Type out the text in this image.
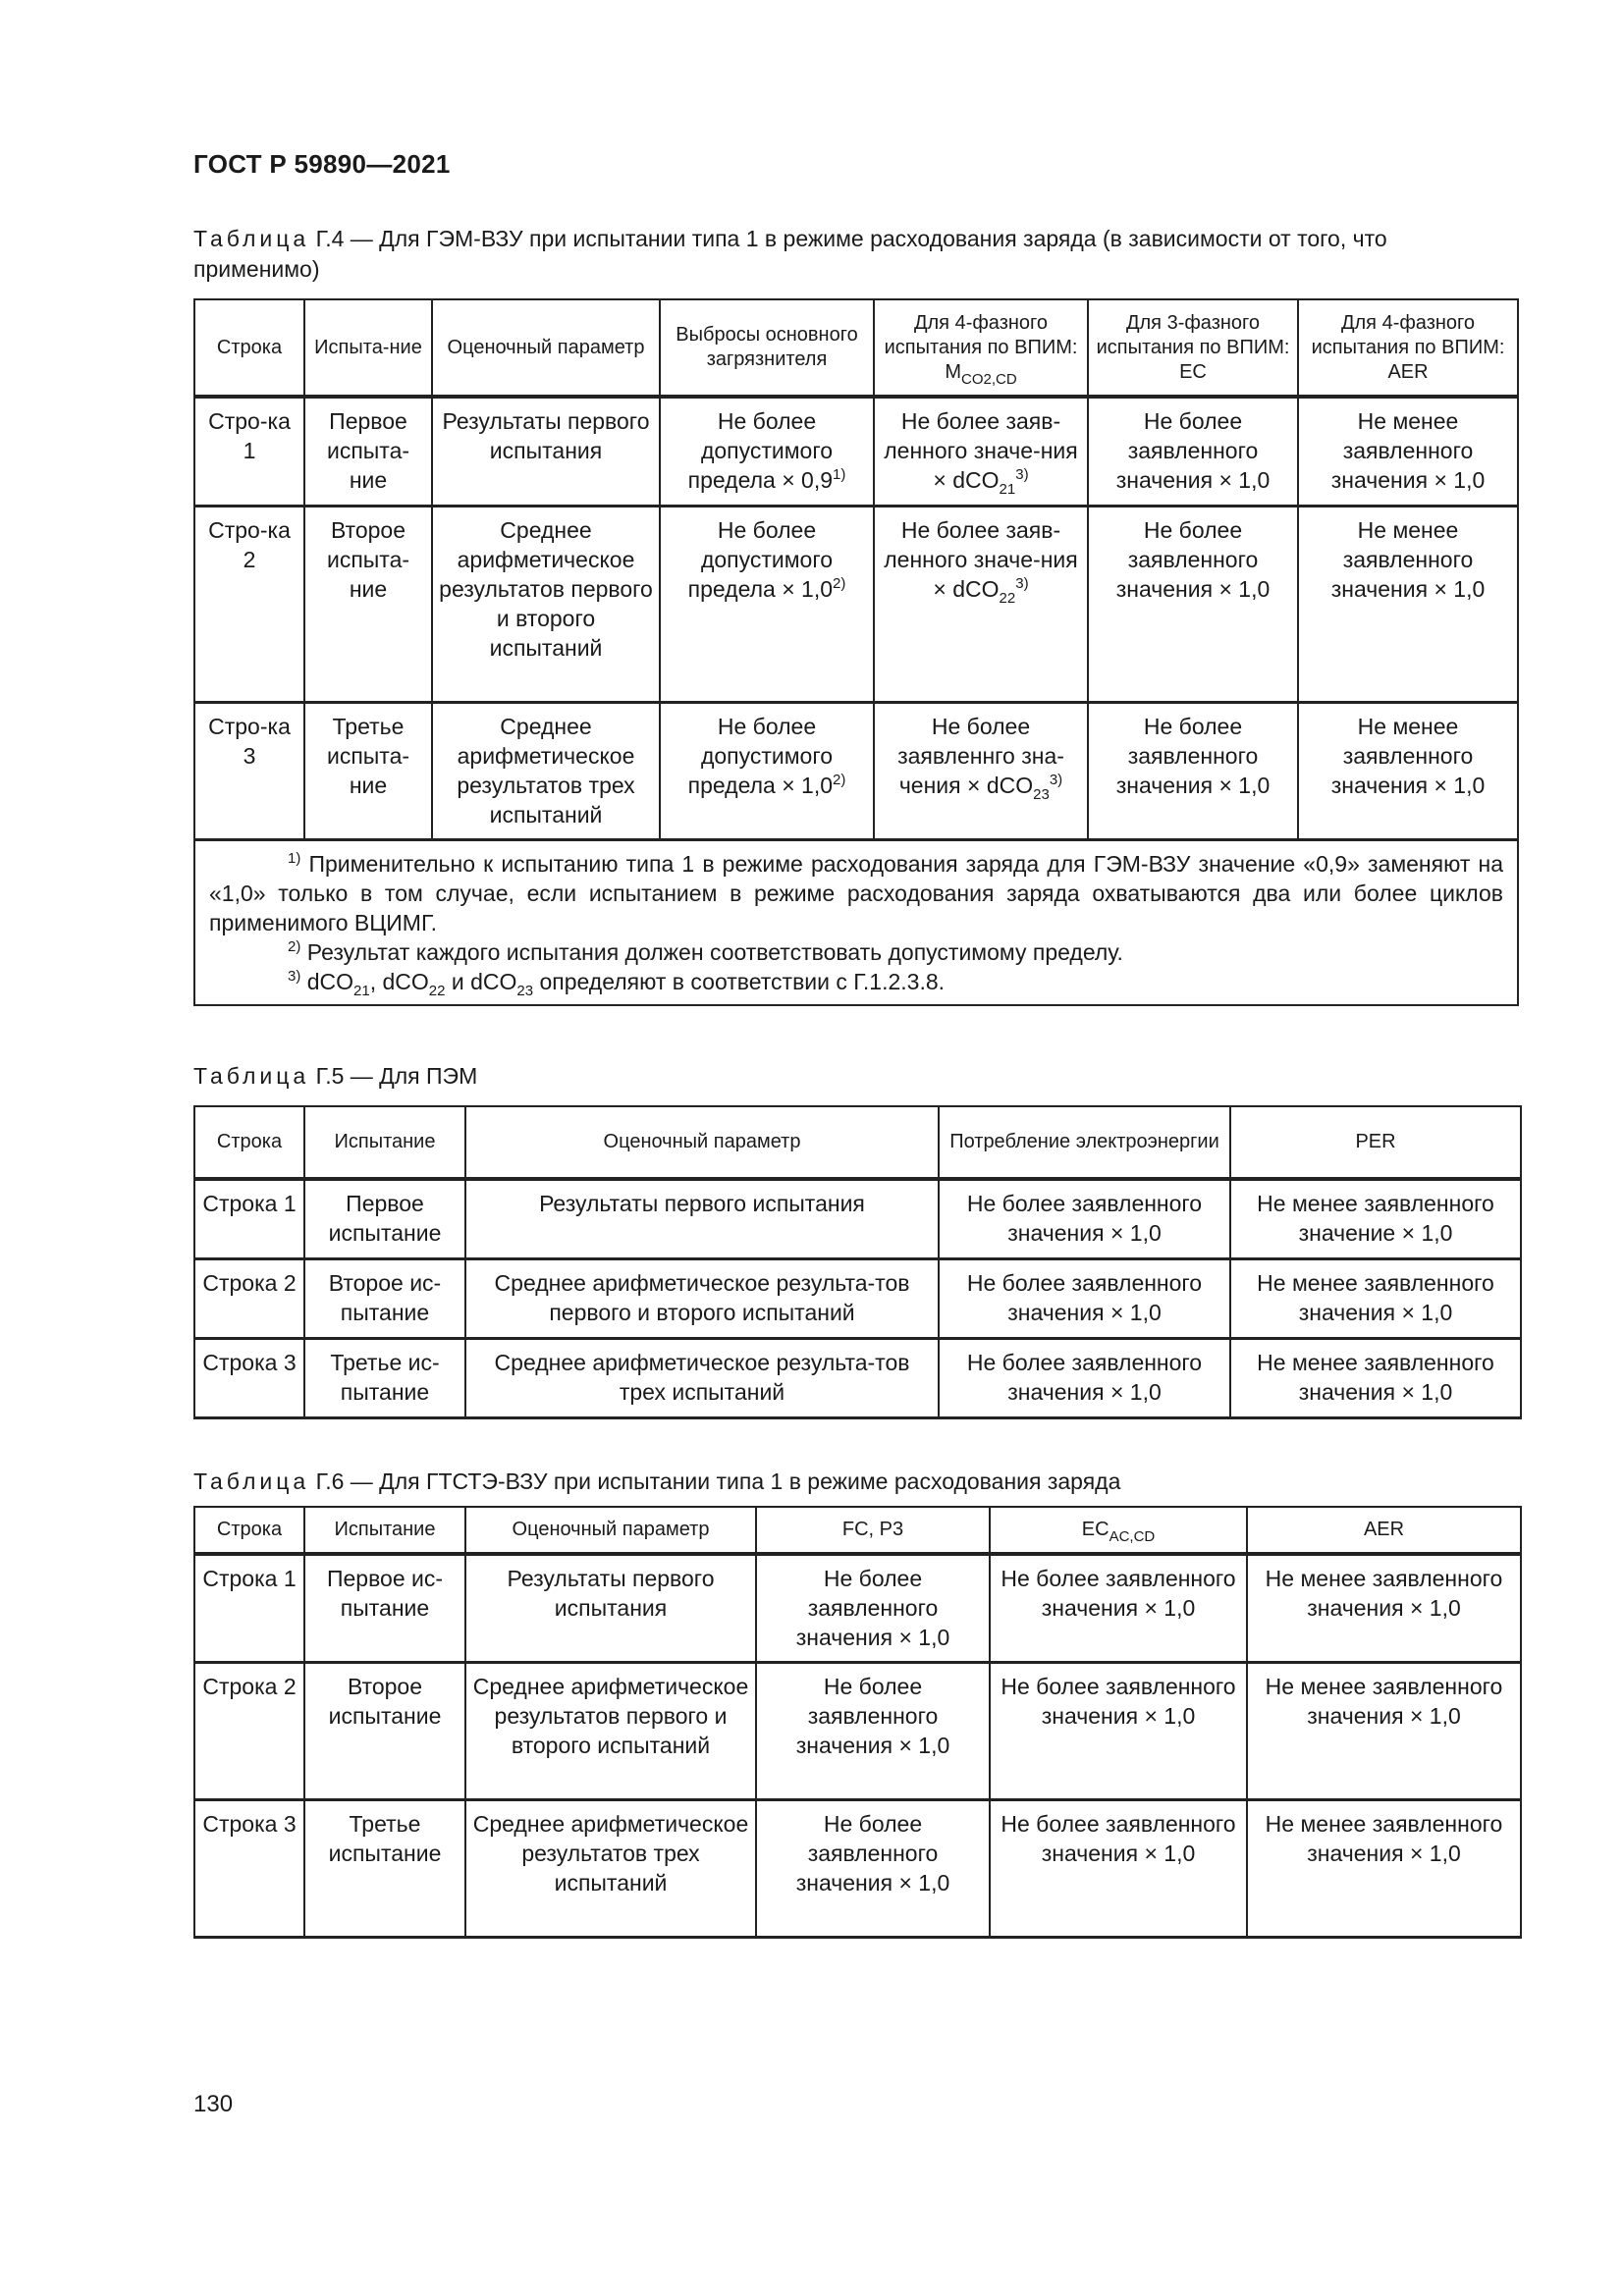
ГОСТ Р 59890—2021
Таблица Г.4 — Для ГЭМ-ВЗУ при испытании типа 1 в режиме расходования заряда (в зависимости от того, что применимо)
Строка	Испыта-ние	Оценочный параметр	Выбросы основного загрязнителя	Для 4-фазного испытания по ВПИМ: $M_{CO2,CD}$	Для 3-фазного испытания по ВПИМ: EC	Для 4-фазного испытания по ВПИМ: AER
Стро-ка 1	Первое испыта-ние	Результаты первого испытания	Не более допустимого предела × $0,9^{1)}$	Не более заяв-ленного значе-ния × dCO$_{21}^{3)}$	Не более заявленного значения × 1,0	Не менее заявленного значения × 1,0
Стро-ка 2	Второе испыта-ние	Среднее арифметическое результатов первого и второго испытаний	Не более допустимого предела × $1,0^{2)}$	Не более заяв-ленного значе-ния × dCO$_{22}^{3)}$	Не более заявленного значения × 1,0	Не менее заявленного значения × 1,0
Стро-ка 3	Третье испыта-ние	Среднее арифметическое результатов трех испытаний	Не более допустимого предела × $1,0^{2)}$	Не более заявленнго зна-чения × dCO$_{23}^{3)}$	Не более заявленного значения × 1,0	Не менее заявленного значения × 1,0

$^{1)}$ Применительно к испытанию типа 1 в режиме расходования заряда для ГЭМ-ВЗУ значение «0,9» заменяют на «1,0» только в том случае, если испытанием в режиме расходования заряда охватываются два или более циклов применимого ВЦИМГ.
$^{2)}$ Результат каждого испытания должен соответствовать допустимому пределу.
$^{3)}$ dCO$_{21}$, dCO$_{22}$ и dCO$_{23}$ определяют в соответствии с Г.1.2.3.8.						
Таблица Г.5 — Для ПЭМ
Строка	Испытание	Оценочный параметр	Потребление электроэнергии	PER
Строка 1	Первое испытание	Результаты первого испытания	Не более заявленного значения × 1,0	Не менее заявленного значение × 1,0
Строка 2	Второе ис-пытание	Среднее арифметическое результа-тов первого и второго испытаний	Не более заявленного значения × 1,0	Не менее заявленного значения × 1,0
Строка 3	Третье ис-пытание	Среднее арифметическое результа-тов трех испытаний	Не более заявленного значения × 1,0	Не менее заявленного значения × 1,0
Таблица Г.6 — Для ГТСТЭ-ВЗУ при испытании типа 1 в режиме расходования заряда
Строка	Испытание	Оценочный параметр	FC, P3	$EC_{AC,CD}$	AER
Строка 1	Первое ис-пытание	Результаты первого испытания	Не более заявленного значения × 1,0	Не более заявленного значения × 1,0	Не менее заявленного значения × 1,0
Строка 2	Второе испытание	Среднее арифметическое результатов первого и второго испытаний	Не более заявленного значения × 1,0	Не более заявленного значения × 1,0	Не менее заявленного значения × 1,0
Строка 3	Третье испытание	Среднее арифметическое результатов трех испытаний	Не более заявленного значения × 1,0	Не более заявленного значения × 1,0	Не менее заявленного значения × 1,0
130
